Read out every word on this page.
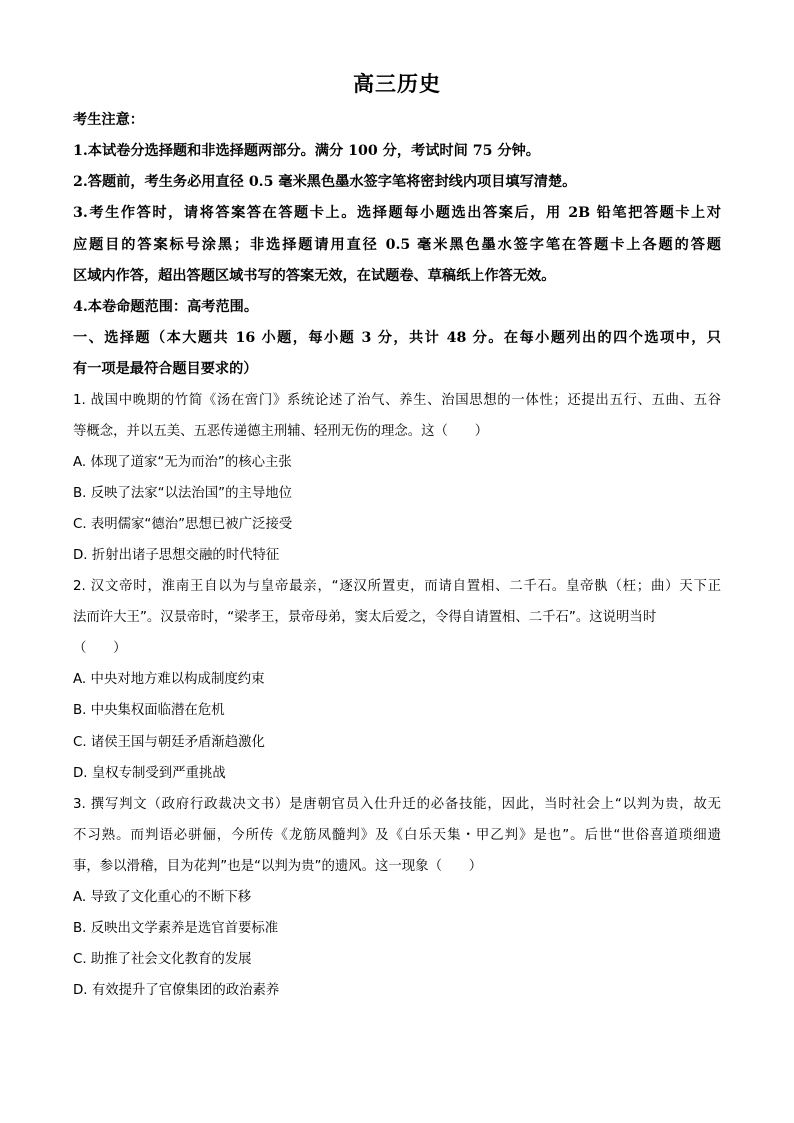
高三历史
考生注意：
1.本试卷分选择题和非选择题两部分。满分 100 分，考试时间 75 分钟。
2.答题前，考生务必用直径 0.5 毫米黑色墨水签字笔将密封线内项目填写清楚。
3.考生作答时，请将答案答在答题卡上。选择题每小题选出答案后，用 2B 铅笔把答题卡上对
应题目的答案标号涂黑；非选择题请用直径 0.5 毫米黑色墨水签字笔在答题卡上各题的答题
区域内作答，超出答题区域书写的答案无效，在试题卷、草稿纸上作答无效。
4.本卷命题范围：高考范围。
一、选择题（本大题共 16 小题，每小题 3 分，共计 48 分。在每小题列出的四个选项中，只
有一项是最符合题目要求的）
1. 战国中晚期的竹简《汤在啻门》系统论述了治气、养生、治国思想的一体性；还提出五行、五曲、五谷
等概念，并以五美、五恶传递德主刑辅、轻刑无伤的理念。这（　　）
A. 体现了道家“无为而治”的核心主张
B. 反映了法家“以法治国”的主导地位
C. 表明儒家“德治”思想已被广泛接受
D. 折射出诸子思想交融的时代特征
2. 汉文帝时，淮南王自以为与皇帝最亲，“逐汉所置吏，而请自置相、二千石。皇帝骫（枉；曲）天下正
法而许大王”。汉景帝时，“梁孝王，景帝母弟，窦太后爱之，令得自请置相、二千石”。这说明当时
（　　）
A. 中央对地方难以构成制度约束
B. 中央集权面临潜在危机
C. 诸侯王国与朝廷矛盾渐趋激化
D. 皇权专制受到严重挑战
3. 撰写判文（政府行政裁决文书）是唐朝官员入仕升迁的必备技能，因此，当时社会上“以判为贵，故无
不习熟。而判语必骈俪，今所传《龙筋凤髓判》及《白乐天集・甲乙判》是也”。后世“世俗喜道琐细遗
事，参以滑稽，目为花判”也是“以判为贵”的遗风。这一现象（　　）
A. 导致了文化重心的不断下移
B. 反映出文学素养是选官首要标准
C. 助推了社会文化教育的发展
D. 有效提升了官僚集团的政治素养
